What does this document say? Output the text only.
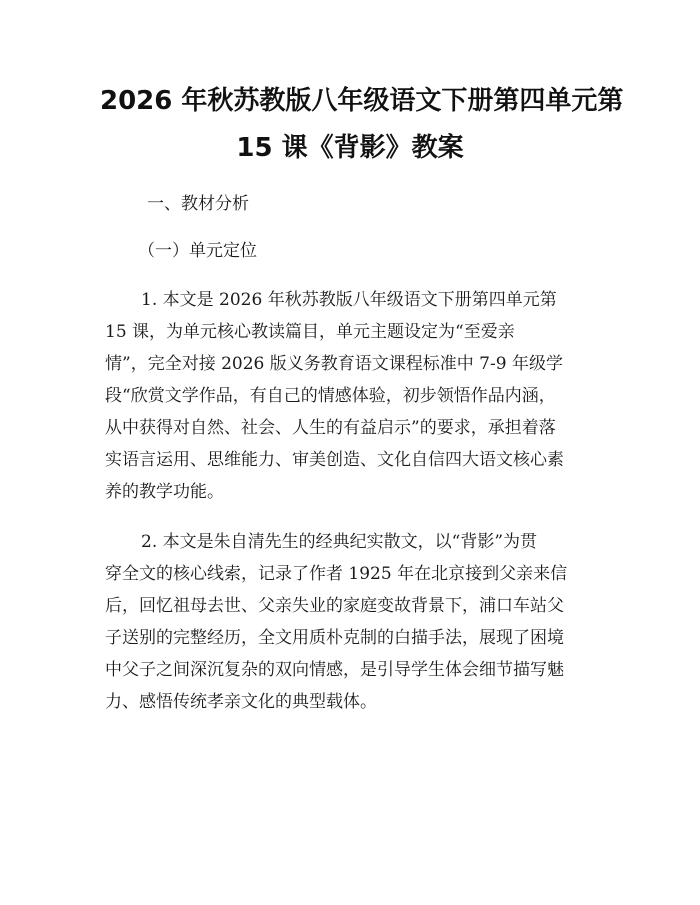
2026 年秋苏教版八年级语文下册第四单元第
15 课《背影》教案
一、教材分析
（一）单元定位
1. 本文是 2026 年秋苏教版八年级语文下册第四单元第
15 课，为单元核心教读篇目，单元主题设定为“至爱亲
情”，完全对接 2026 版义务教育语文课程标准中 7-9 年级学
段“欣赏文学作品，有自己的情感体验，初步领悟作品内涵，
从中获得对自然、社会、人生的有益启示”的要求，承担着落
实语言运用、思维能力、审美创造、文化自信四大语文核心素
养的教学功能。
2. 本文是朱自清先生的经典纪实散文，以“背影”为贯
穿全文的核心线索，记录了作者 1925 年在北京接到父亲来信
后，回忆祖母去世、父亲失业的家庭变故背景下，浦口车站父
子送别的完整经历，全文用质朴克制的白描手法，展现了困境
中父子之间深沉复杂的双向情感，是引导学生体会细节描写魅
力、感悟传统孝亲文化的典型载体。
